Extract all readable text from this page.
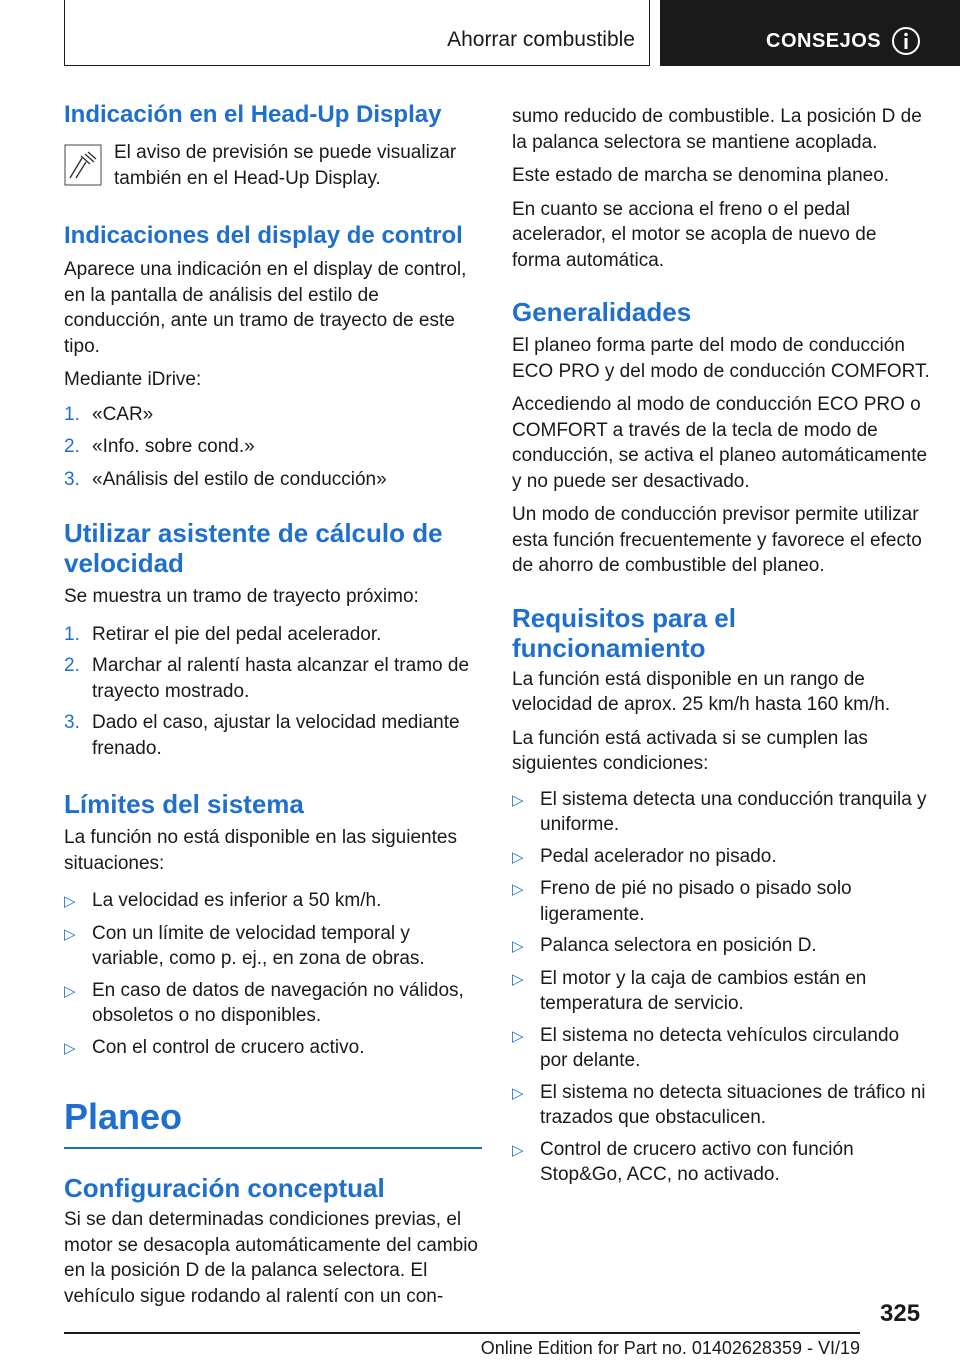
Ahorrar combustible	CONSEJOS
Indicación en el Head-Up Display
El aviso de previsión se puede visualizar también en el Head-Up Display.
Indicaciones del display de control
Aparece una indicación en el display de control, en la pantalla de análisis del estilo de conducción, ante un tramo de trayecto de este tipo.
Mediante iDrive:
1. «CAR»
2. «Info. sobre cond.»
3. «Análisis del estilo de conducción»
Utilizar asistente de cálculo de velocidad
Se muestra un tramo de trayecto próximo:
1. Retirar el pie del pedal acelerador.
2. Marchar al ralentí hasta alcanzar el tramo de trayecto mostrado.
3. Dado el caso, ajustar la velocidad mediante frenado.
Límites del sistema
La función no está disponible en las siguientes situaciones:
▷ La velocidad es inferior a 50 km/h.
▷ Con un límite de velocidad temporal y variable, como p. ej., en zona de obras.
▷ En caso de datos de navegación no válidos, obsoletos o no disponibles.
▷ Con el control de crucero activo.
Planeo
Configuración conceptual
Si se dan determinadas condiciones previas, el motor se desacopla automáticamente del cambio en la posición D de la palanca selectora. El vehículo sigue rodando al ralentí con un con-
sumo reducido de combustible. La posición D de la palanca selectora se mantiene acoplada.
Este estado de marcha se denomina planeo.
En cuanto se acciona el freno o el pedal acelerador, el motor se acopla de nuevo de forma automática.
Generalidades
El planeo forma parte del modo de conducción ECO PRO y del modo de conducción COMFORT.
Accediendo al modo de conducción ECO PRO o COMFORT a través de la tecla de modo de conducción, se activa el planeo automáticamente y no puede ser desactivado.
Un modo de conducción previsor permite utilizar esta función frecuentemente y favorece el efecto de ahorro de combustible del planeo.
Requisitos para el funcionamiento
La función está disponible en un rango de velocidad de aprox. 25 km/h hasta 160 km/h.
La función está activada si se cumplen las siguientes condiciones:
▷ El sistema detecta una conducción tranquila y uniforme.
▷ Pedal acelerador no pisado.
▷ Freno de pié no pisado o pisado solo ligeramente.
▷ Palanca selectora en posición D.
▷ El motor y la caja de cambios están en temperatura de servicio.
▷ El sistema no detecta vehículos circulando por delante.
▷ El sistema no detecta situaciones de tráfico ni trazados que obstaculicen.
▷ Control de crucero activo con función Stop&Go, ACC, no activado.
325
Online Edition for Part no. 01402628359 - VI/19
